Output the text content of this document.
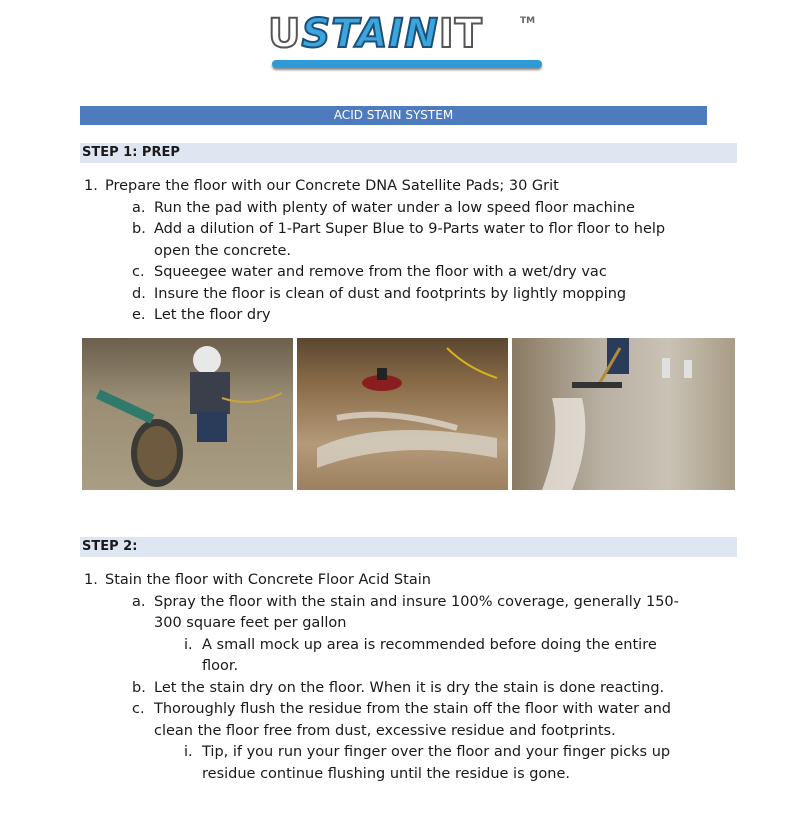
USTAINIT	TM
ACID STAIN SYSTEM
STEP 1: PREP
1. Prepare the floor with our Concrete DNA Satellite Pads; 30 Grit
a. Run the pad with plenty of water under a low speed floor machine
b. Add a dilution of 1-Part Super Blue to 9-Parts water to flor floor to help open the concrete.
c. Squeegee water and remove from the floor with a wet/dry vac
d. Insure the floor is clean of dust and footprints by lightly mopping
e. Let the floor dry
STEP 2:
1. Stain the floor with Concrete Floor Acid Stain
a. Spray the floor with the stain and insure 100% coverage, generally 150-300 square feet per gallon
i. A small mock up area is recommended before doing the entire floor.
b. Let the stain dry on the floor. When it is dry the stain is done reacting.
c. Thoroughly flush the residue from the stain off the floor with water and clean the floor free from dust, excessive residue and footprints.
i. Tip, if you run your finger over the floor and your finger picks up residue continue flushing until the residue is gone.
